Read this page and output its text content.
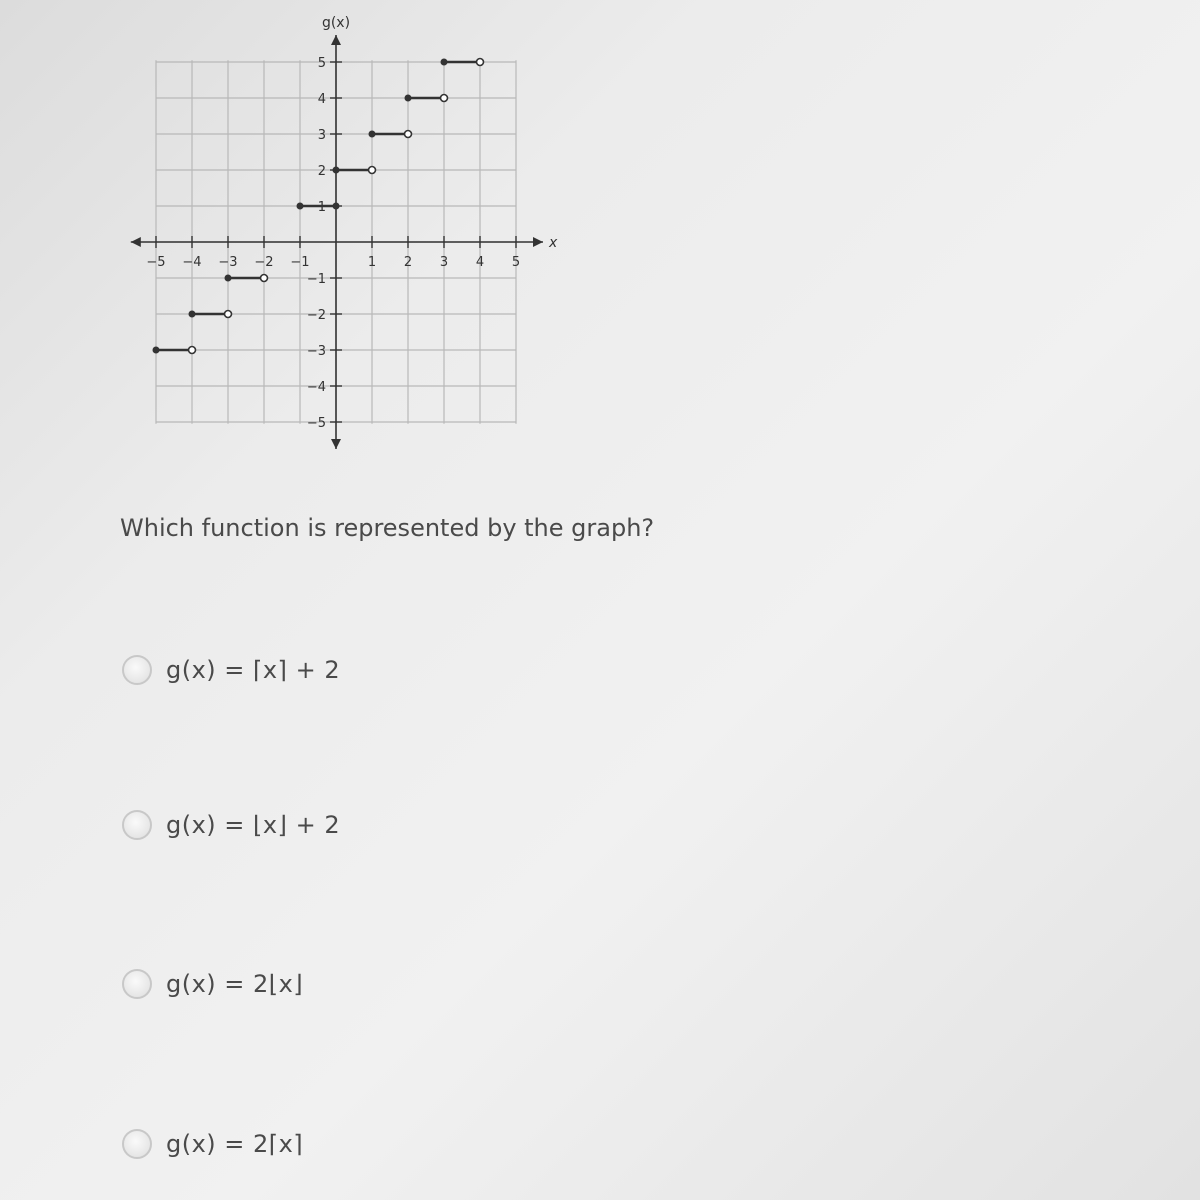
−5 −4 −3 −2 −1	1 2 3 4 5
5
4
3
2
1
−1
−2
−3
−4
−5
x
g(x)
Which function is represented by the graph?
g(x) = ⌈x⌉ + 2
g(x) = ⌊x⌋ + 2
g(x) = 2⌊x⌋
g(x) = 2⌈x⌉
